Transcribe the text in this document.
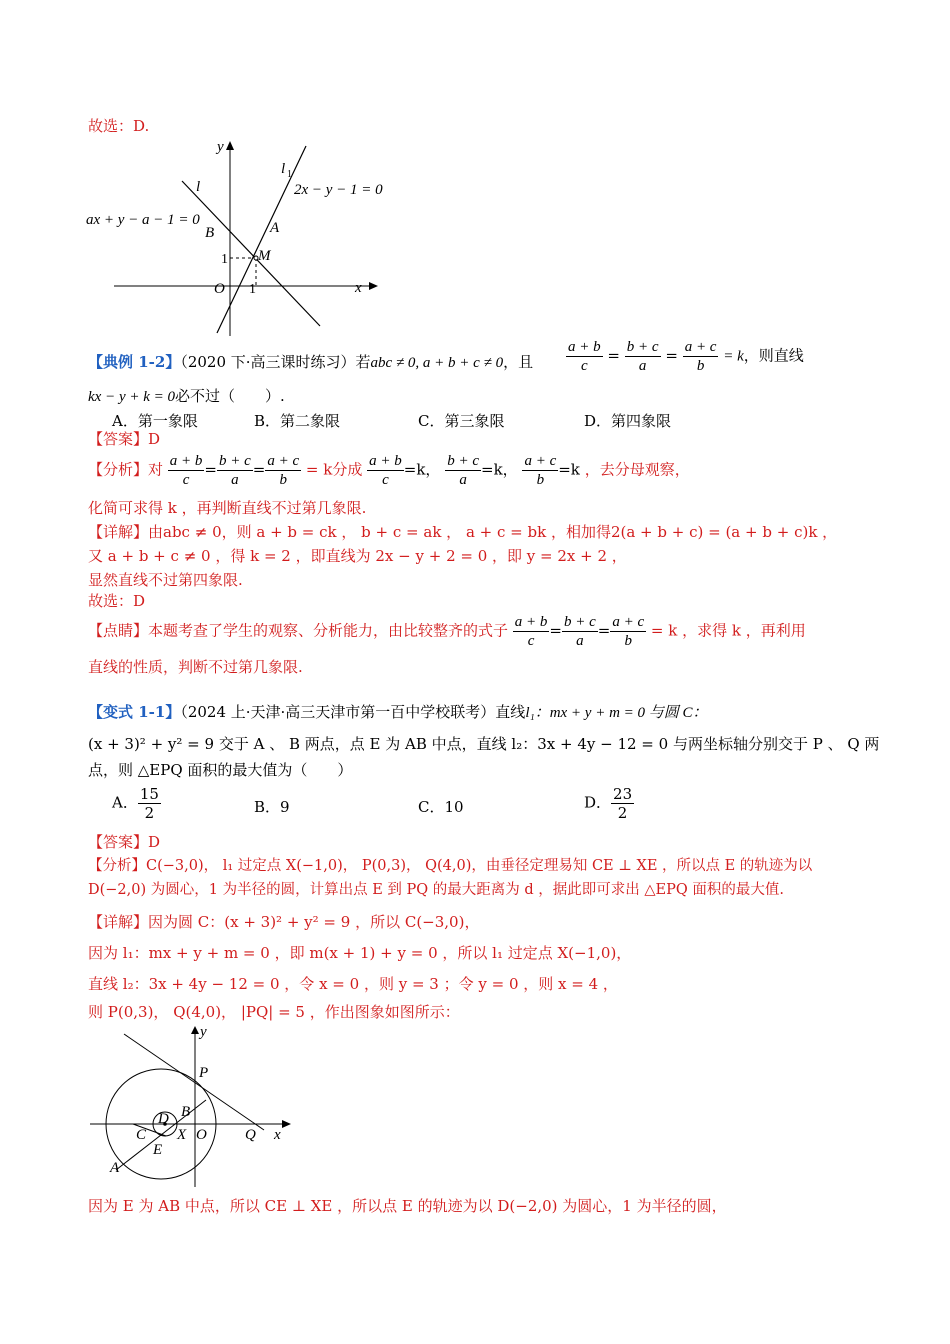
故选：D.
y
x
O 1
1
l
l 1
2x − y − 1 = 0
ax + y − a − 1 = 0	A
B
M
【典例 1-2】（2020 下·高三课时练习）若abc ≠ 0, a + b + c ≠ 0，且 $\frac{a + b}{c} = \frac{b + c}{a} = \frac{a + c}{b} = k$，则直线
kx − y + k = 0必不过（　　）.
A．第一象限	B．第二象限	C．第三象限	D．第四象限
【答案】D
【分析】对 $\frac{a + b}{c} = \frac{b + c}{a} = \frac{a + c}{b} = k$分成 $\frac{a + b}{c} =k$， $\frac{b + c}{a} =k$， $\frac{a + c}{b} =k$ ，去分母观察，
化简可求得 k ，再判断直线不过第几象限.
【详解】由abc ≠ 0，则 a + b = ck ， b + c = ak ， a + c = bk ，相加得2(a + b + c) = (a + b + c)k ，
又 a + b + c ≠ 0 ，得 k = 2 ，即直线为 2x − y + 2 = 0 ，即 y = 2x + 2 ，
显然直线不过第四象限.
故选：D
【点睛】本题考查了学生的观察、分析能力，由比较整齐的式子 $\frac{a + b}{c} = \frac{b + c}{a} = \frac{a + c}{b} = k$ ，求得 k ，再利用
直线的性质，判断不过第几象限.
【变式 1-1】（2024 上·天津·高三天津市第一百中学校联考）直线l₁：mx + y + m = 0 与圆 C：
(x + 3)² + y² = 9 交于 A 、 B 两点，点 E 为 AB 中点，直线 l₂：3x + 4y − 12 = 0 与两坐标轴分别交于 P 、 Q 两
点，则 △EPQ 面积的最大值为（　　）
A． $\frac{15}{2}$	B．9	C．10	D． $\frac{23}{2}$
【答案】D
【分析】C(−3,0)， l₁ 过定点 X(−1,0)， P(0,3)， Q(4,0)，由垂径定理易知 CE ⊥ XE ，所以点 E 的轨迹为以
D(−2,0) 为圆心，1 为半径的圆，计算出点 E 到 PQ 的最大距离为 d ，据此即可求出 △EPQ 面积的最大值.
【详解】因为圆 C：(x + 3)² + y² = 9 ，所以 C(−3,0)，
因为 l₁：mx + y + m = 0 ，即 m(x + 1) + y = 0 ，所以 l₁ 过定点 X(−1,0)，
直线 l₂：3x + 4y − 12 = 0 ，令 x = 0 ，则 y = 3 ；令 y = 0 ，则 x = 4 ，
则 P(0,3)， Q(4,0)， |PQ| = 5 ，作出图象如图所示：
y
x
P
Q
C
D
X O
B
E
A
因为 E 为 AB 中点，所以 CE ⊥ XE ，所以点 E 的轨迹为以 D(−2,0) 为圆心，1 为半径的圆，
